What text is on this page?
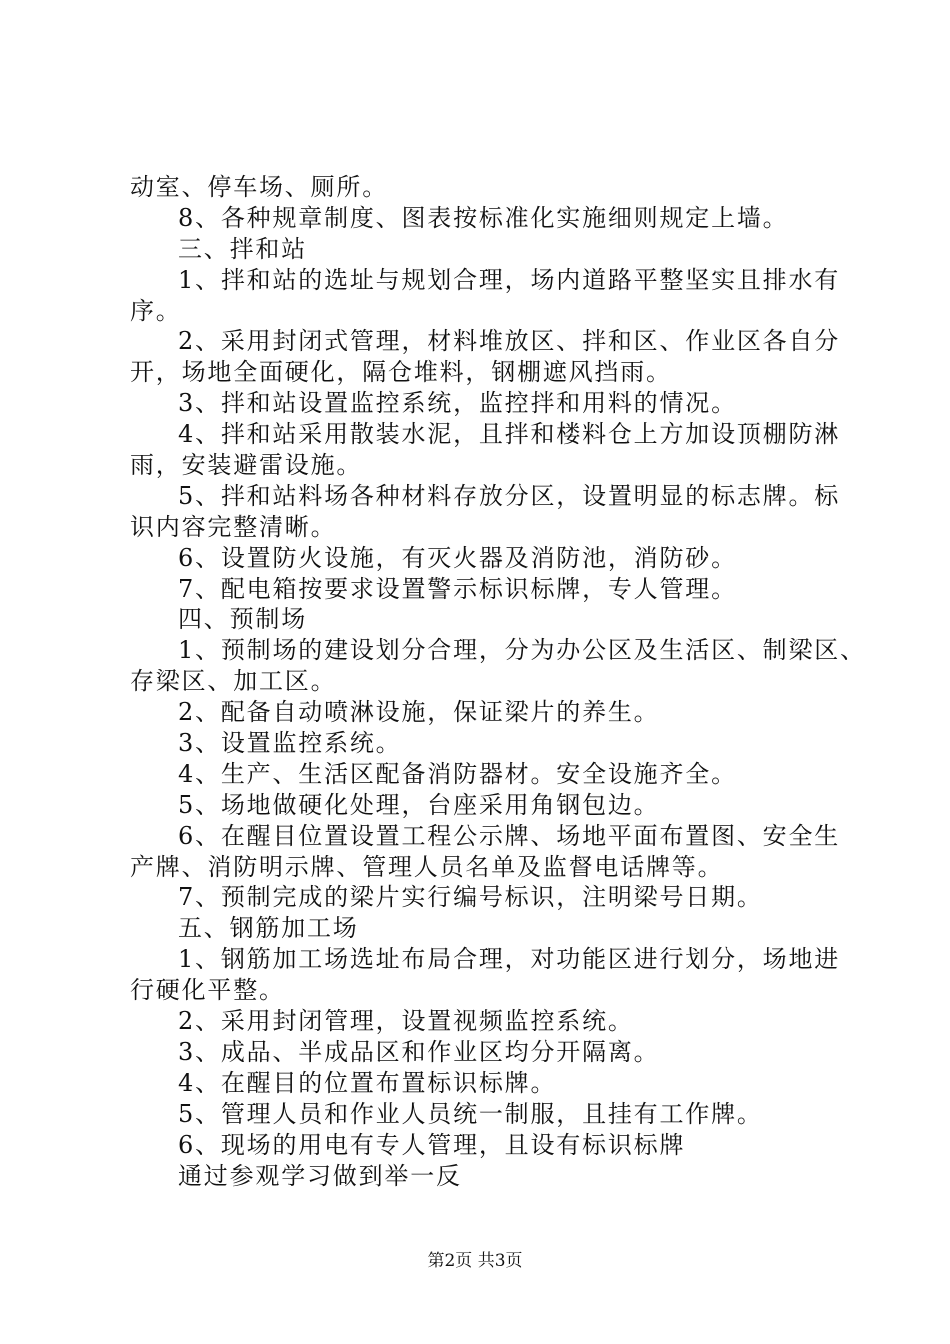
动室、停车场、厕所。
8、各种规章制度、图表按标准化实施细则规定上墙。
三、拌和站
1、拌和站的选址与规划合理，场内道路平整坚实且排水有
序。
2、采用封闭式管理，材料堆放区、拌和区、作业区各自分
开，场地全面硬化，隔仓堆料，钢棚遮风挡雨。
3、拌和站设置监控系统，监控拌和用料的情况。
4、拌和站采用散装水泥，且拌和楼料仓上方加设顶棚防淋
雨，安装避雷设施。
5、拌和站料场各种材料存放分区，设置明显的标志牌。标
识内容完整清晰。
6、设置防火设施，有灭火器及消防池，消防砂。
7、配电箱按要求设置警示标识标牌，专人管理。
四、预制场
1、预制场的建设划分合理，分为办公区及生活区、制梁区、
存梁区、加工区。
2、配备自动喷淋设施，保证梁片的养生。
3、设置监控系统。
4、生产、生活区配备消防器材。安全设施齐全。
5、场地做硬化处理，台座采用角钢包边。
6、在醒目位置设置工程公示牌、场地平面布置图、安全生
产牌、消防明示牌、管理人员名单及监督电话牌等。
7、预制完成的梁片实行编号标识，注明梁号日期。
五、钢筋加工场
1、钢筋加工场选址布局合理，对功能区进行划分，场地进
行硬化平整。
2、采用封闭管理，设置视频监控系统。
3、成品、半成品区和作业区均分开隔离。
4、在醒目的位置布置标识标牌。
5、管理人员和作业人员统一制服，且挂有工作牌。
6、现场的用电有专人管理，且设有标识标牌
通过参观学习做到举一反
第2页 共3页
